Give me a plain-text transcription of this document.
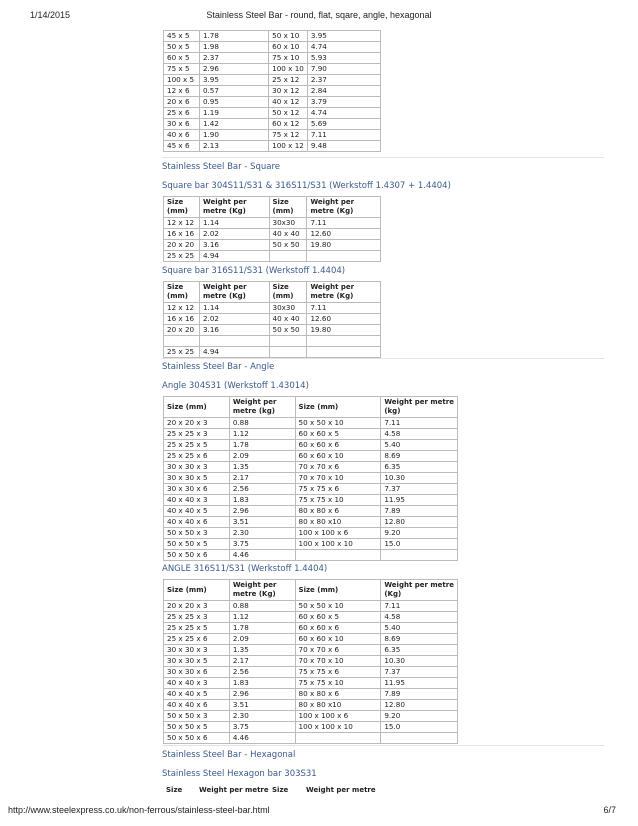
1/14/2015	Stainless Steel Bar - round, flat, sqare, angle, hexagonal
45 x 5	1.78	50 x 10	3.95
50 x 5	1.98	60 x 10	4.74
60 x 5	2.37	75 x 10	5.93
75 x 5	2.96	100 x 10	7.90
100 x 5	3.95	25 x 12	2.37
12 x 6	0.57	30 x 12	2.84
20 x 6	0.95	40 x 12	3.79
25 x 6	1.19	50 x 12	4.74
30 x 6	1.42	60 x 12	5.69
40 x 6	1.90	75 x 12	7.11
45 x 6	2.13	100 x 12	9.48
Stainless Steel Bar - Square
Square bar 304S11/S31 & 316S11/S31 (Werkstoff 1.4307 + 1.4404)
Size (mm)	Weight per metre (Kg)	Size (mm)	Weight per metre (Kg)
12 x 12	1.14	30x30	7.11
16 x 16	2.02	40 x 40	12.60
20 x 20	3.16	50 x 50	19.80
25 x 25	4.94		
Square bar 316S11/S31 (Werkstoff 1.4404)
Size (mm)	Weight per metre (Kg)	Size (mm)	Weight per metre (Kg)
12 x 12	1.14	30x30	7.11
16 x 16	2.02	40 x 40	12.60
20 x 20	3.16	50 x 50	19.80

25 x 25	4.94		
Stainless Steel Bar - Angle
Angle 304S31 (Werkstoff 1.43014)
Size (mm)	Weight per metre (kg)	Size (mm)	Weight per metre (kg)
20 x 20 x 3	0.88	50 x 50 x 10	7.11
25 x 25 x 3	1.12	60 x 60 x 5	4.58
25 x 25 x 5	1.78	60 x 60 x 6	5.40
25 x 25 x 6	2.09	60 x 60 x 10	8.69
30 x 30 x 3	1.35	70 x 70 x 6	6.35
30 x 30 x 5	2.17	70 x 70 x 10	10.30
30 x 30 x 6	2.56	75 x 75 x 6	7.37
40 x 40 x 3	1.83	75 x 75 x 10	11.95
40 x 40 x 5	2.96	80 x 80 x 6	7.89
40 x 40 x 6	3.51	80 x 80 x10	12.80
50 x 50 x 3	2.30	100 x 100 x 6	9.20
50 x 50 x 5	3.75	100 x 100 x 10	15.0
50 x 50 x 6	4.46		
ANGLE 316S11/S31 (Werkstoff 1.4404)
Size (mm)	Weight per metre (Kg)	Size (mm)	Weight per metre (Kg)
20 x 20 x 3	0.88	50 x 50 x 10	7.11
25 x 25 x 3	1.12	60 x 60 x 5	4.58
25 x 25 x 5	1.78	60 x 60 x 6	5.40
25 x 25 x 6	2.09	60 x 60 x 10	8.69
30 x 30 x 3	1.35	70 x 70 x 6	6.35
30 x 30 x 5	2.17	70 x 70 x 10	10.30
30 x 30 x 6	2.56	75 x 75 x 6	7.37
40 x 40 x 3	1.83	75 x 75 x 10	11.95
40 x 40 x 5	2.96	80 x 80 x 6	7.89
40 x 40 x 6	3.51	80 x 80 x10	12.80
50 x 50 x 3	2.30	100 x 100 x 6	9.20
50 x 50 x 5	3.75	100 x 100 x 10	15.0
50 x 50 x 6	4.46		
Stainless Steel Bar - Hexagonal
Stainless Steel Hexagon bar 303S31
Size Weight per metre Size	Weight per metre
http://www.steelexpress.co.uk/non-ferrous/stainless-steel-bar.html	6/7
